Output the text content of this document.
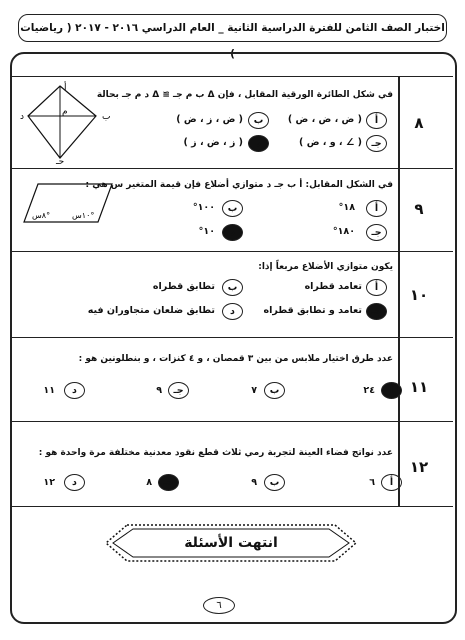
اختبار الصف الثامن للفترة الدراسية الثانية _ العام الدراسي ٢٠١٦ - ٢٠١٧ ( رياضيات )
٨
في شكل الطائرة الورقية المقابل ، فإن Δ ب م جـ ≅ Δ د م جـ بحالة
أ
ب
د
جـ
م
أ
( ض ، ض ، ض )
ب
( ض ، ز ، ض )
جـ
( ∠ ، و ، ض )
د
( ز ، ض ، ز )
٩
في الشكل المقابل: أ ب جـ د متوازي أضلاع فإن قيمة المتغير س هي :
١٠س°
٨س°
أ
١٨°
ب
١٠٠°
جـ
١٨٠°
د
١٠°
١٠
يكون متوازي الأضلاع مربعاً إذا:
أ
تعامد قطراه
ب
تطابق قطراه
جـ
تعامد و تطابق قطراه
د
تطابق ضلعان متجاوران فيه
١١
عدد طرق اختيار ملابس من بين ٣ قمصان ، و ٤ كنزات ، و بنطلونين هو :
أ
٢٤
ب
٧
جـ
٩
د
١١
١٢
عدد نواتج فضاء العينة لتجربة رمي ثلاث قطع نقود معدنية مختلفة مرة واحدة هو :
أ
٦
ب
٩
جـ
٨
د
١٢
انتهت الأسئلة
٦
